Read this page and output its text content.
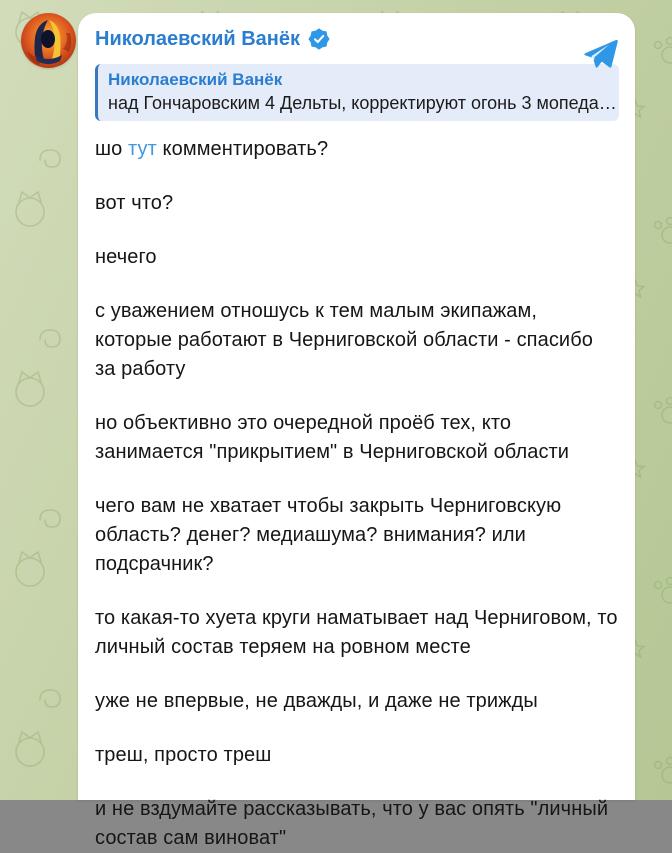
Николаевский Ванёк
Николаевский Ванёк
над Гончаровским 4 Дельты, корректируют огонь 3 мопеда…
шо тут комментировать?
вот что?
нечего
с уважением отношусь к тем малым экипажам, которые работают в Черниговской области - спасибо за работу
но объективно это очередной проёб тех, кто занимается "прикрытием" в Черниговской области
чего вам не хватает чтобы закрыть Черниговскую область? денег? медиашума? внимания? или подсрачник?
то какая-то хуета круги наматывает над Черниговом, то личный состав теряем на ровном месте
уже не впервые, не дважды, и даже не трижды
треш, просто треш
и не вздумайте рассказывать, что у вас опять "личный состав сам виноват"
